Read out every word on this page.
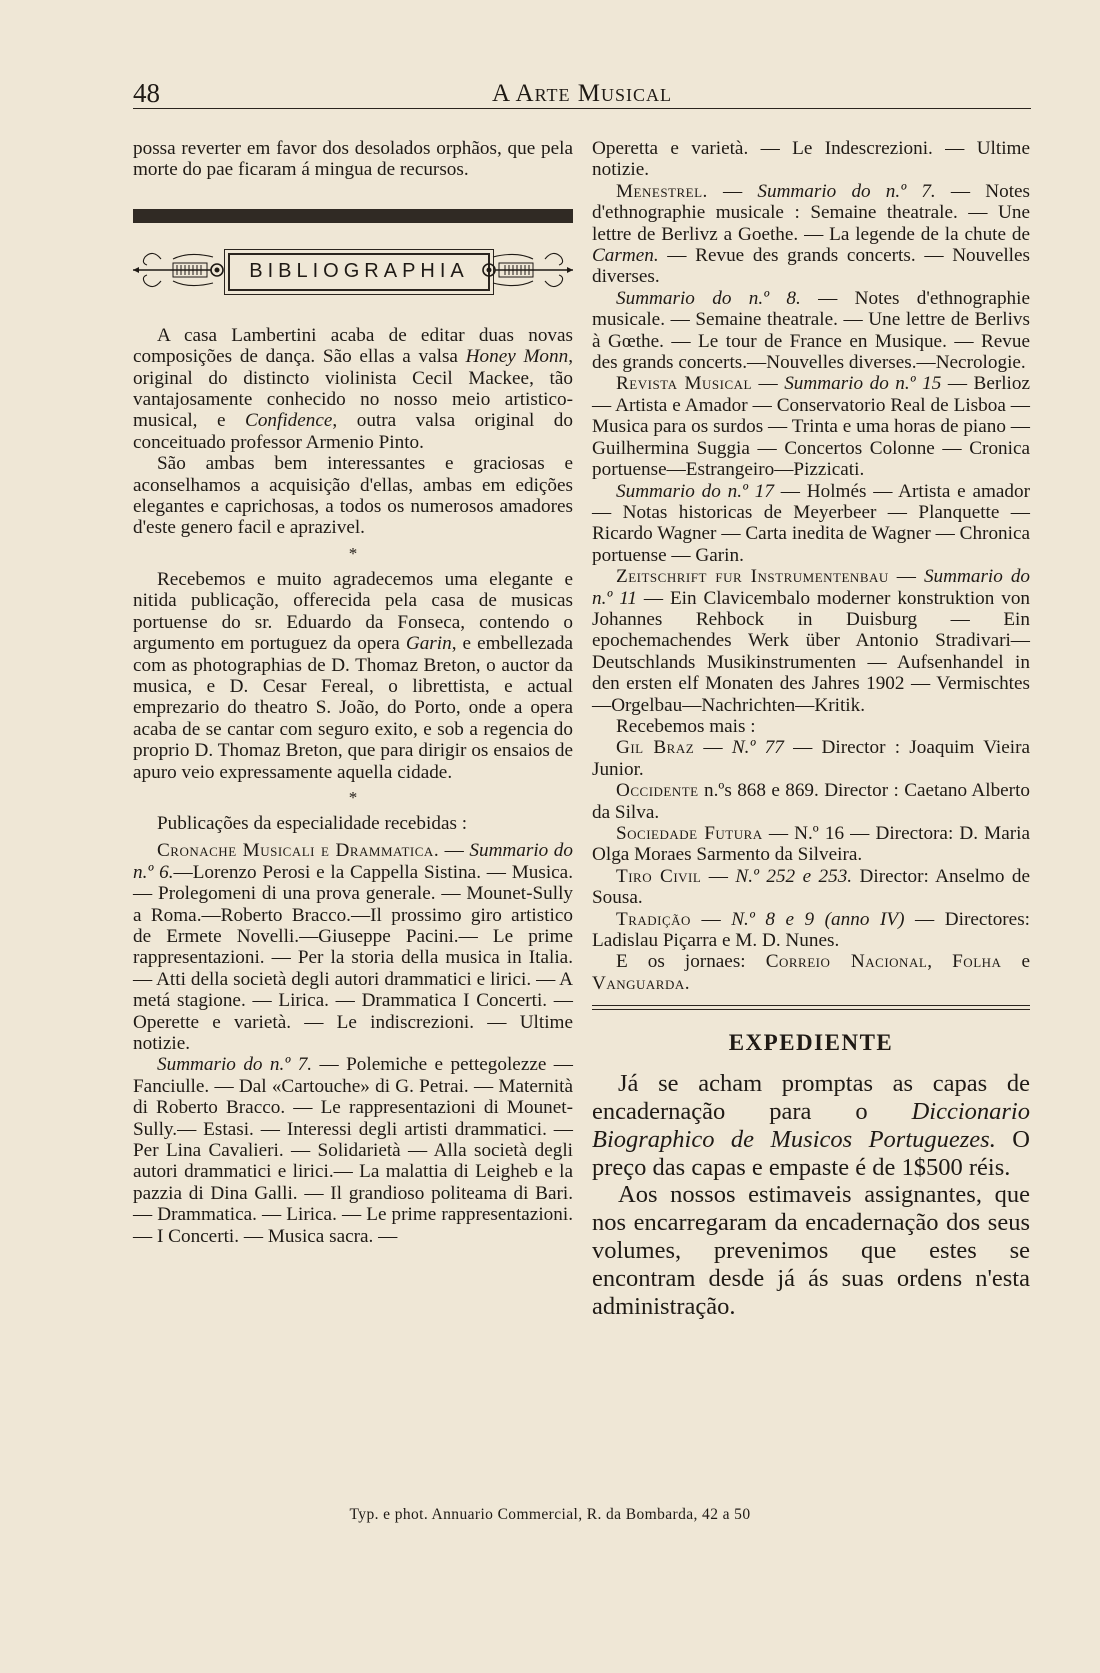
48	A Arte Musical

possa reverter em favor dos desolados orphãos, que pela morte do pae ficaram á mingua de recursos.

BIBLIOGRAPHIA

A casa Lambertini acaba de editar duas novas composições de dança. São ellas a valsa Honey Monn, original do distincto violinista Cecil Mackee, tão vantajosamente conhecido no nosso meio artistico-musical, e Confidence, outra valsa original do conceituado professor Armenio Pinto.

São ambas bem interessantes e graciosas e aconselhamos a acquisição d'ellas, ambas em edições elegantes e caprichosas, a todos os numerosos amadores d'este genero facil e aprazivel.

*

Recebemos e muito agradecemos uma elegante e nitida publicação, offerecida pela casa de musicas portuense do sr. Eduardo da Fonseca, contendo o argumento em portuguez da opera Garin, e embellezada com as photographias de D. Thomaz Breton, o auctor da musica, e D. Cesar Fereal, o librettista, e actual emprezario do theatro S. João, do Porto, onde a opera acaba de se cantar com seguro exito, e sob a regencia do proprio D. Thomaz Breton, que para dirigir os ensaios de apuro veio expressamente aquella cidade.

*

Publicações da especialidade recebidas :

Cronache Musicali e Drammatica. — Summario do n.º 6.—Lorenzo Perosi e la Cappella Sistina. — Musica. — Prolegomeni di una prova generale. — Mounet-Sully a Roma.—Roberto Bracco.—Il prossimo giro artistico de Ermete Novelli.—Giuseppe Pacini.— Le prime rappresentazioni. — Per la storia della musica in Italia. — Atti della società degli autori drammatici e lirici. — A metá stagione. — Lirica. — Drammatica I Concerti. — Operette e varietà. — Le indiscrezioni. — Ultime notizie.

Summario do n.º 7. — Polemiche e pettegolezze — Fanciulle. — Dal «Cartouche» di G. Petrai. — Maternità di Roberto Bracco. — Le rappresentazioni di Mounet-Sully.— Estasi. — Interessi degli artisti drammatici. — Per Lina Cavalieri. — Solidarietà — Alla società degli autori drammatici e lirici.— La malattia di Leigheb e la pazzia di Dina Galli. — Il grandioso politeama di Bari. — Drammatica. — Lirica. — Le prime rappresentazioni. — I Concerti. — Musica sacra. —

Operetta e varietà. — Le Indescrezioni. — Ultime notizie.

Menestrel. — Summario do n.º 7. — Notes d'ethnographie musicale : Semaine theatrale. — Une lettre de Berlivz a Goethe. — La legende de la chute de Carmen. — Revue des grands concerts. — Nouvelles diverses.

Summario do n.º 8. — Notes d'ethnographie musicale. — Semaine theatrale. — Une lettre de Berlivs à Gœthe. — Le tour de France en Musique. — Revue des grands concerts.—Nouvelles diverses.—Necrologie.

Revista Musical — Summario do n.º 15 — Berlioz — Artista e Amador — Conservatorio Real de Lisboa — Musica para os surdos — Trinta e uma horas de piano — Guilhermina Suggia — Concertos Colonne — Cronica portuense—Estrangeiro—Pizzicati.

Summario do n.º 17 — Holmés — Artista e amador — Notas historicas de Meyerbeer — Planquette — Ricardo Wagner — Carta inedita de Wagner — Chronica portuense — Garin.

Zeitschrift fur Instrumentenbau — Summario do n.º 11 — Ein Clavicembalo moderner konstruktion von Johannes Rehbock in Duisburg — Ein epochemachendes Werk über Antonio Stradivari—Deutschlands Musikinstrumenten — Aufsenhandel in den ersten elf Monaten des Jahres 1902 — Vermischtes—Orgelbau—Nachrichten—Kritik.

Recebemos mais :

Gil Braz — N.º 77 — Director : Joaquim Vieira Junior.

Occidente n.ºs 868 e 869. Director : Caetano Alberto da Silva.

Sociedade Futura — N.º 16 — Directora: D. Maria Olga Moraes Sarmento da Silveira.

Tiro Civil — N.º 252 e 253. Director: Anselmo de Sousa.

Tradição — N.º 8 e 9 (anno IV) — Directores: Ladislau Piçarra e M. D. Nunes.

E os jornaes: Correio Nacional, Folha e Vanguarda.

EXPEDIENTE

Já se acham promptas as capas de encadernação para o Diccionario Biographico de Musicos Portuguezes. O preço das capas e empaste é de 1$500 réis.

Aos nossos estimaveis assignantes, que nos encarregaram da encadernação dos seus volumes, prevenimos que estes se encontram desde já ás suas ordens n'esta administração.

Typ. e phot. Annuario Commercial, R. da Bombarda, 42 a 50
